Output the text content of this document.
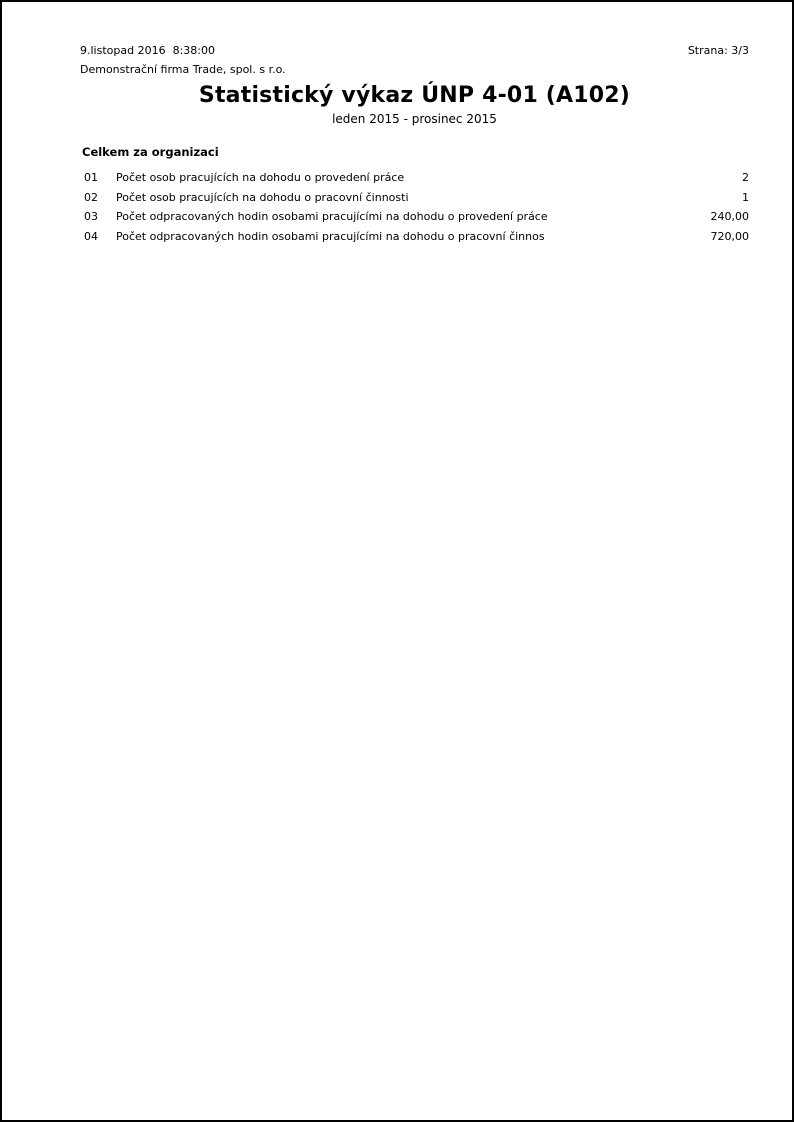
9.listopad 2016  8:38:00	Strana: 3/3
Demonstrační firma Trade, spol. s r.o.
Statistický výkaz ÚNP 4-01 (A102)
leden 2015 - prosinec 2015
Celkem za organizaci
01	Počet osob pracujících na dohodu o provedení práce	2
02	Počet osob pracujících na dohodu o pracovní činnosti	1
03	Počet odpracovaných hodin osobami pracujícími na dohodu o provedení práce	240,00
04	Počet odpracovaných hodin osobami pracujícími na dohodu o pracovní činnos	720,00
